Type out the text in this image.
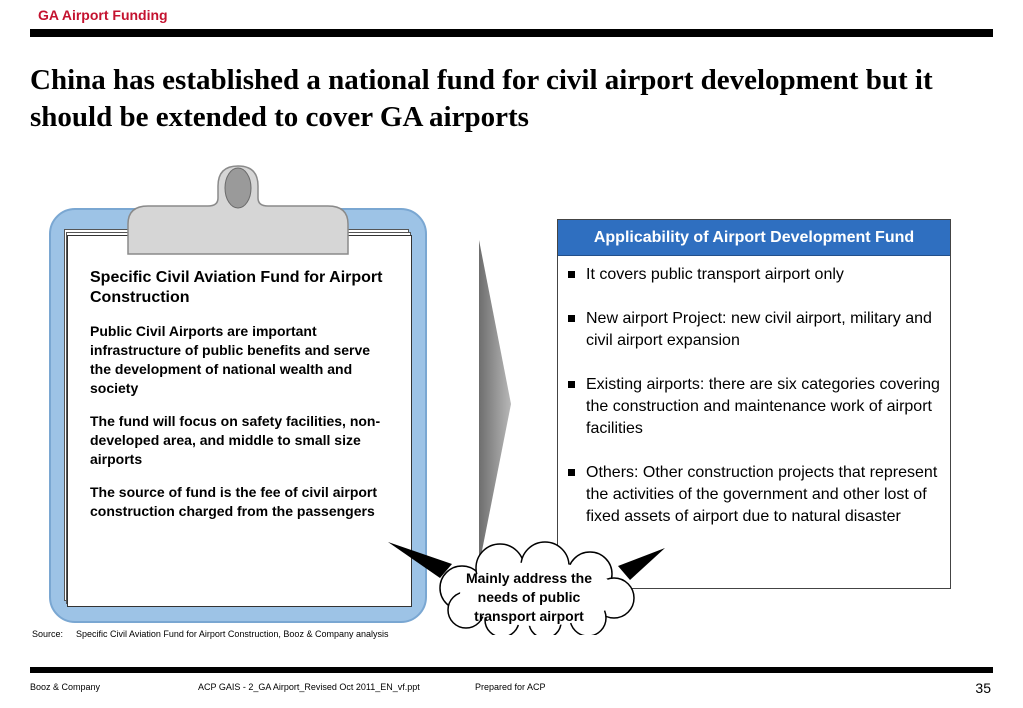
GA Airport Funding
China has established a national fund for civil airport development but it should be extended to cover GA airports
Specific Civil Aviation Fund for Airport Construction

Public Civil Airports are important infrastructure of public benefits and serve the development of national wealth and society

The fund will focus on safety facilities, non-developed area, and middle to small size airports

The source of fund is the fee of civil airport construction charged from the passengers

Applicability of Airport Development Fund
It covers public transport airport only
New airport Project: new civil airport, military and civil airport expansion
Existing airports: there are six categories covering the construction and maintenance work of airport facilities
Others: Other construction projects that represent the activities of the government and other lost of fixed assets of airport due to natural disaster
Mainly address the needs of public transport airport
Source: Specific Civil Aviation Fund for Airport Construction, Booz & Company analysis
Booz & Company	ACP GAIS - 2_GA Airport_Revised Oct 2011_EN_vf.ppt	Prepared for ACP	35
